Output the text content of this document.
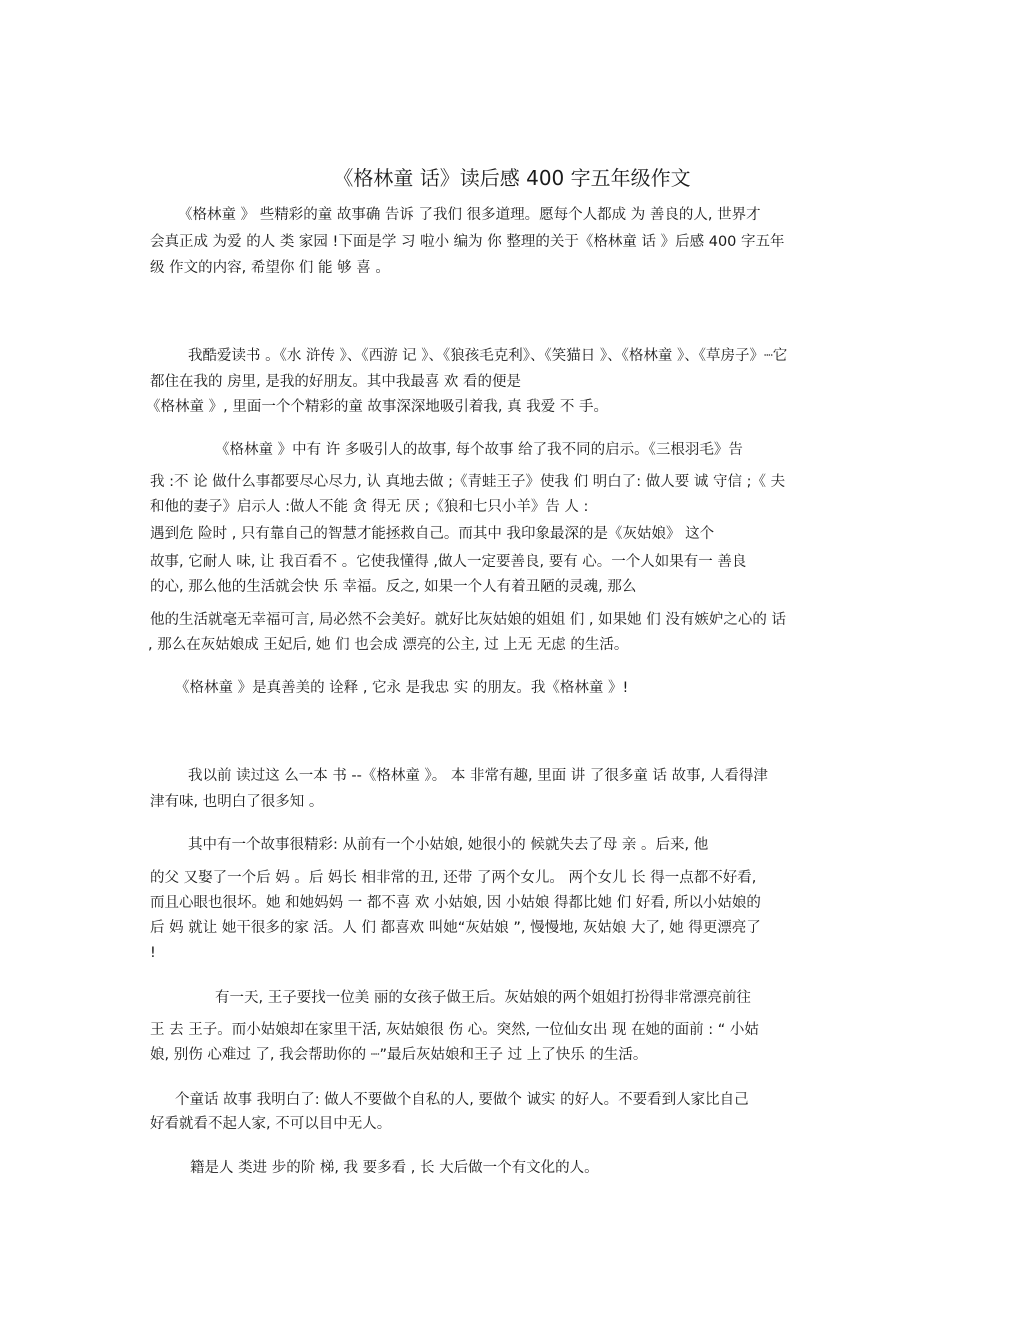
《格林童 话》读后感 400 字五年级作文
《格林童 》 些精彩的童 故事确 告诉 了我们 很多道理。愿每个人都成 为 善良的人, 世界才
会真正成 为爱 的人 类 家园 !下面是学 习 啦小 编为 你 整理的关于《格林童 话 》后感 400 字五年
级 作文的内容, 希望你 们 能 够 喜 。
我酷爱读书 。《水 浒传 》、《西游 记 》、《狼孩毛克利》、《笑猫日 》、《格林童 》、《草房子》┈它
都住在我的 房里, 是我的好朋友。其中我最喜 欢 看的便是
《格林童 》, 里面一个个精彩的童 故事深深地吸引着我, 真 我爱 不 手。
《格林童 》中有 许 多吸引人的故事, 每个故事 给了我不同的启示。《三根羽毛》告
我 :不 论 做什么事都要尽心尽力, 认 真地去做 ;《青蛙王子》使我 们 明白了: 做人要 诚 守信 ;《 夫
和他的妻子》启示人 :做人不能 贪 得无 厌 ;《狼和七只小羊》告 人 :
遇到危 险时 , 只有靠自己的智慧才能拯救自己。而其中 我印象最深的是《灰姑娘》 这个
故事, 它耐人 味, 让 我百看不 。它使我懂得 ,做人一定要善良, 要有 心。一个人如果有一 善良
的心, 那么他的生活就会快 乐 幸福。反之, 如果一个人有着丑陋的灵魂, 那么
他的生活就毫无幸福可言, 局必然不会美好。就好比灰姑娘的姐姐 们 , 如果她 们 没有嫉妒之心的 话
, 那么在灰姑娘成 王妃后, 她 们 也会成 漂亮的公主, 过 上无 无虑 的生活。
《格林童 》是真善美的 诠释 , 它永 是我忠 实 的朋友。我《格林童 》!
我以前 读过这 么一本 书 --《格林童 》。 本 非常有趣, 里面 讲 了很多童 话 故事, 人看得津
津有味, 也明白了很多知 。
其中有一个故事很精彩: 从前有一个小姑娘, 她很小的 候就失去了母 亲 。后来, 他
的父 又娶了一个后 妈 。后 妈长 相非常的丑, 还带 了两个女儿。 两个女儿 长 得一点都不好看,
而且心眼也很坏。她 和她妈妈 一 都不喜 欢 小姑娘, 因 小姑娘 得都比她 们 好看, 所以小姑娘的
后 妈 就让 她干很多的家 活。人 们 都喜欢 叫她“灰姑娘 ”, 慢慢地, 灰姑娘 大了, 她 得更漂亮了
!
有一天, 王子要找一位美 丽的女孩子做王后。灰姑娘的两个姐姐打扮得非常漂亮前往
王 去 王子。而小姑娘却在家里干活, 灰姑娘很 伤 心。突然, 一位仙女出 现 在她的面前 : “ 小姑
娘, 别伤 心难过 了, 我会帮助你的 ┈”最后灰姑娘和王子 过 上了快乐 的生活。
个童话 故事 我明白了: 做人不要做个自私的人, 要做个 诚实 的好人。不要看到人家比自己
好看就看不起人家, 不可以目中无人。
籍是人 类进 步的阶 梯, 我 要多看 , 长 大后做一个有文化的人。
